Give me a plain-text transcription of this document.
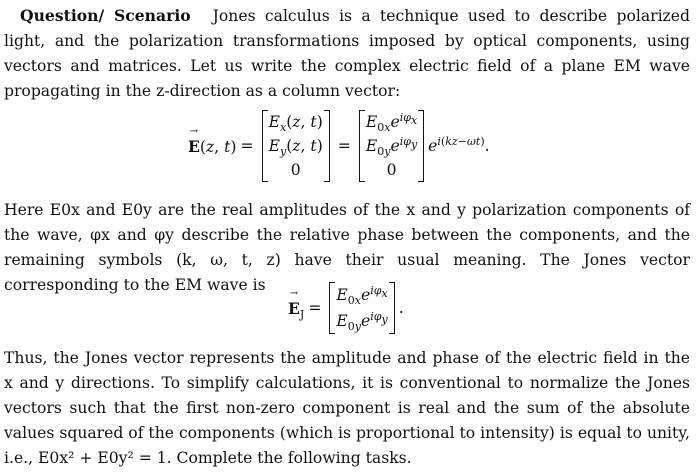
Question/ Scenario Jones calculus is a technique used to describe polarized light, and the polarization transformations imposed by optical components, using vectors and matrices. Let us write the complex electric field of a plane EM wave propagating in the z-direction as a column vector:

→ E(z, t) =
$E_x(z$, t)
$E_y(z$, t)
0
=
$E_{0x}e^{i\varphi_x}$
$E_{0y}e^{i\varphi_y}$
0
$e^{i(kz-\omega t)}$.

Here E0x and E0y are the real amplitudes of the x and y polarization components of the wave, φx and φy describe the relative phase between the components, and the remaining symbols (k, ω, t, z) have their usual meaning. The Jones vector corresponding to the EM wave is

→ $E_J$ =
$E_{0x}e^{i\varphi_x}$
$E_{0y}e^{i\varphi_y}$
.

Thus, the Jones vector represents the amplitude and phase of the electric field in the x and y directions. To simplify calculations, it is conventional to normalize the Jones vectors such that the first non-zero component is real and the sum of the absolute values squared of the components (which is proportional to intensity) is equal to unity, i.e., E0x² + E0y² = 1. Complete the following tasks.
